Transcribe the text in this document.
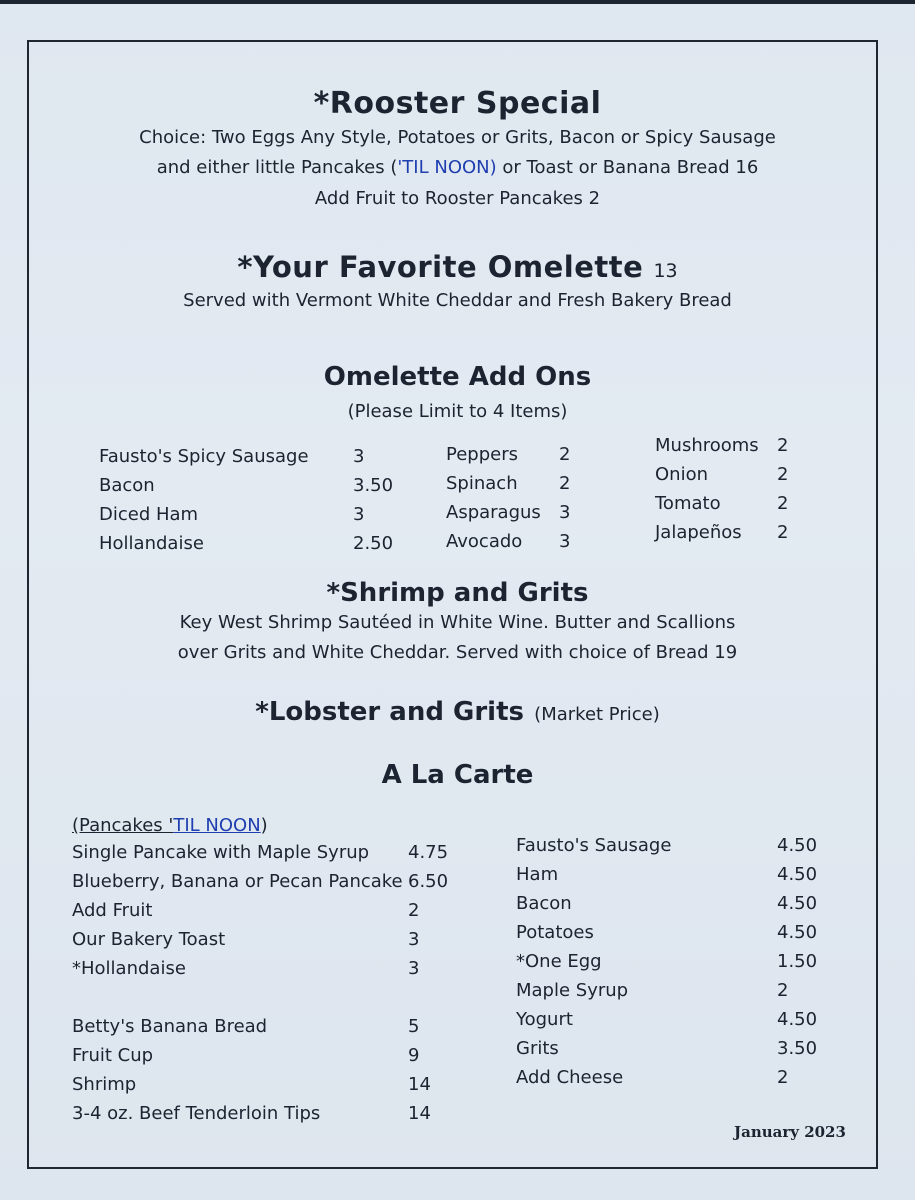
*Rooster Special
Choice: Two Eggs Any Style, Potatoes or Grits, Bacon or Spicy Sausage
and either little Pancakes ('TIL NOON) or Toast or Banana Bread 16
Add Fruit to Rooster Pancakes 2
*Your Favorite Omelette 13
Served with Vermont White Cheddar and Fresh Bakery Bread
Omelette Add Ons
(Please Limit to 4 Items)
Fausto's Spicy Sausage 3
Bacon	3.50
Diced Ham	3
Hollandaise	2.50
Peppers 2
Spinach 2
Asparagus 3
Avocado 3
Mushrooms 2
Onion	2
Tomato	2
Jalapeños 2
*Shrimp and Grits
Key West Shrimp Sautéed in White Wine. Butter and Scallions
over Grits and White Cheddar. Served with choice of Bread 19
*Lobster and Grits (Market Price)
A La Carte
(Pancakes 'TIL NOON)
Single Pancake with Maple Syrup 4.75
Blueberry, Banana or Pecan Pancake 6.50
Add Fruit	2
Our Bakery Toast	3
*Hollandaise	3
Betty's Banana Bread	5
Fruit Cup	9
Shrimp	14
3-4 oz. Beef Tenderloin Tips	14
Fausto's Sausage	4.50
Ham	4.50
Bacon	4.50
Potatoes	4.50
*One Egg	1.50
Maple Syrup	2
Yogurt	4.50
Grits	3.50
Add Cheese	2
January 2023
